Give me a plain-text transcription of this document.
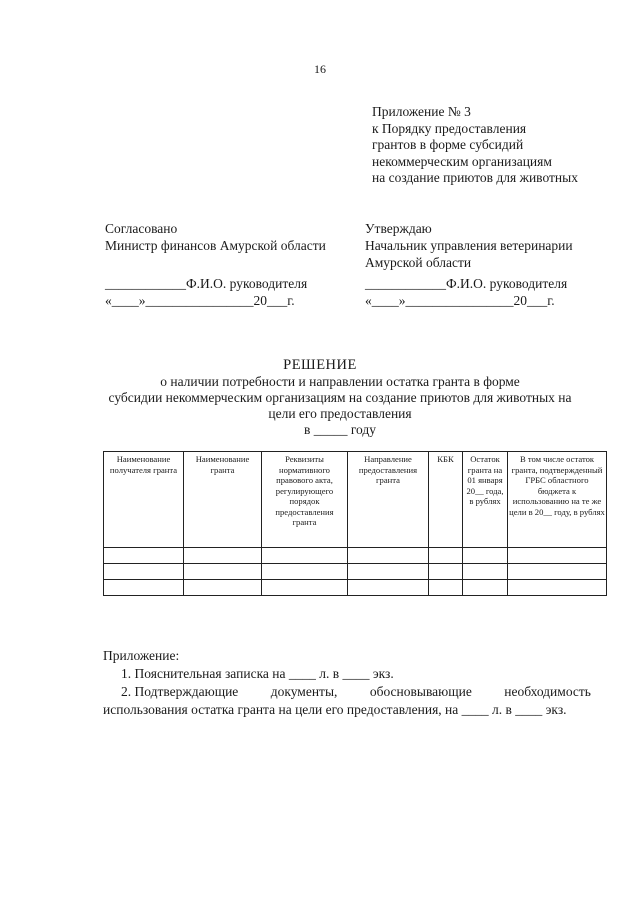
16
Приложение № 3
к Порядку предоставления
грантов в форме субсидий
некоммерческим организациям
на создание приютов для животных
Согласовано
Министр финансов Амурской области
____________Ф.И.О. руководителя
«____»________________20___г.
Утверждаю
Начальник управления ветеринарии
Амурской области
____________Ф.И.О. руководителя
«____»________________20___г.
РЕШЕНИЕ
о наличии потребности и направлении остатка гранта в форме
субсидии некоммерческим организациям на создание приютов для животных на
цели его предоставления
в _____ году
Наименование получателя гранта	Наименование гранта	Реквизиты нормативного правового акта, регулирующего порядок предоставления гранта	Направление предоставления гранта	КБК	Остаток гранта на 01 января 20__ года, в рублях	В том числе остаток гранта, подтвержденный ГРБС областного бюджета к использованию на те же цели в 20__ году, в рублях

Приложение:
1. Пояснительная записка на ____ л. в ____ экз.
2. Подтверждающие документы, обосновывающие необходимость
использования остатка гранта на цели его предоставления, на ____ л. в ____ экз.
